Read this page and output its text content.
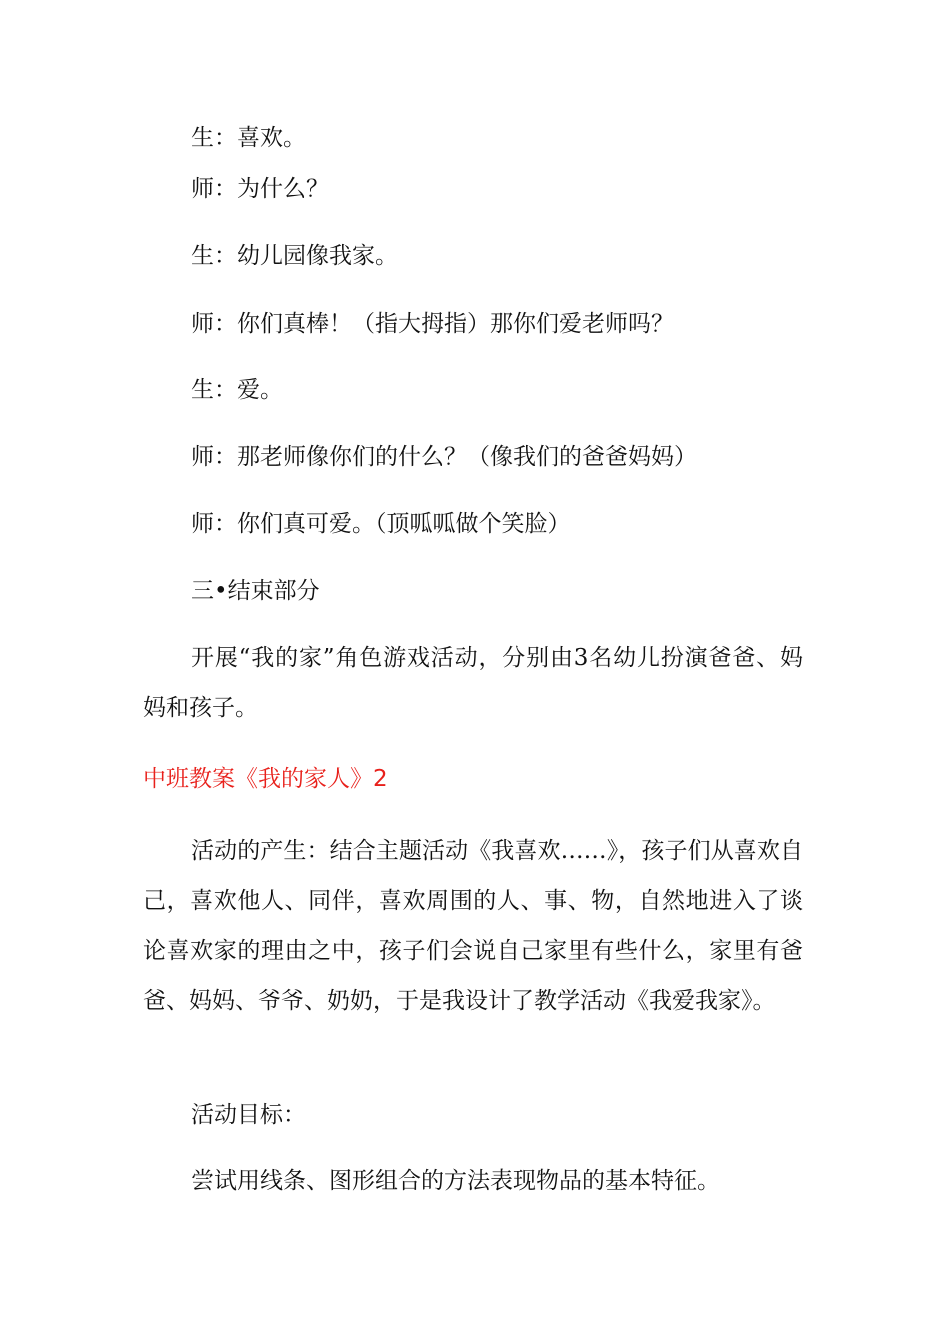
生：喜欢。
师：为什么？
生：幼儿园像我家。
师：你们真棒！（指大拇指）那你们爱老师吗？
生：爱。
师：那老师像你们的什么？（像我们的爸爸妈妈）
师：你们真可爱。（顶呱呱做个笑脸）
三•结束部分
开展“我的家”角色游戏活动，分别由3名幼儿扮演爸爸、妈妈和孩子。
中班教案《我的家人》2
活动的产生：结合主题活动《我喜欢……》，孩子们从喜欢自己，喜欢他人、同伴，喜欢周围的人、事、物，自然地进入了谈论喜欢家的理由之中，孩子们会说自己家里有些什么，家里有爸爸、妈妈、爷爷、奶奶，于是我设计了教学活动《我爱我家》。
活动目标：
尝试用线条、图形组合的方法表现物品的基本特征。
